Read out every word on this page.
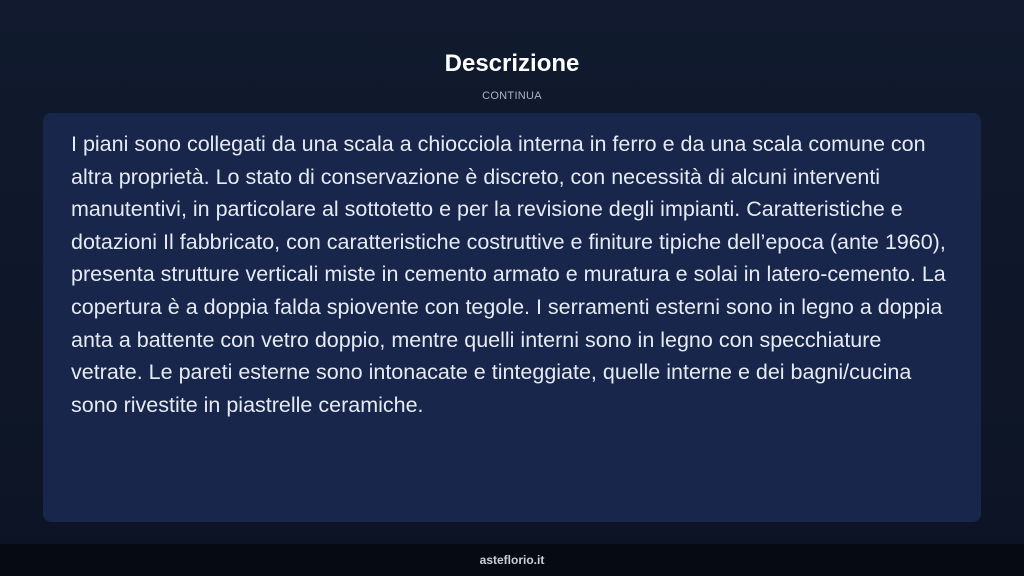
Descrizione
CONTINUA

I piani sono collegati da una scala a chiocciola interna in ferro e da una scala comune con altra proprietà. Lo stato di conservazione è discreto, con necessità di alcuni interventi manutentivi, in particolare al sottotetto e per la revisione degli impianti. Caratteristiche e dotazioni Il fabbricato, con caratteristiche costruttive e finiture tipiche dell’epoca (ante 1960), presenta strutture verticali miste in cemento armato e muratura e solai in latero-cemento. La copertura è a doppia falda spiovente con tegole. I serramenti esterni sono in legno a doppia anta a battente con vetro doppio, mentre quelli interni sono in legno con specchiature vetrate. Le pareti esterne sono intonacate e tinteggiate, quelle interne e dei bagni/cucina sono rivestite in piastrelle ceramiche.

asteflorio.it
